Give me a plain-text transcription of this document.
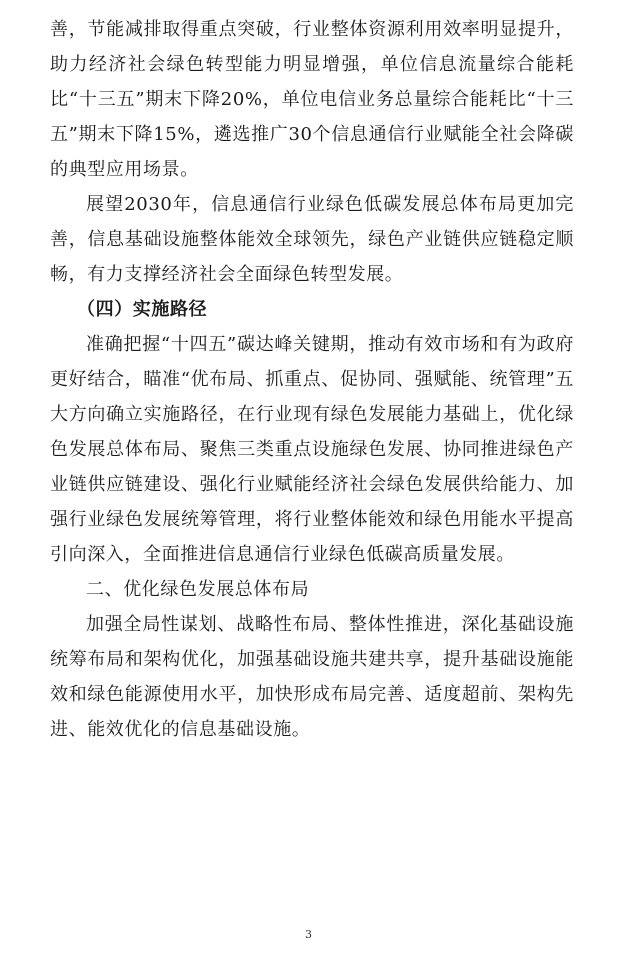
善，节能减排取得重点突破，行业整体资源利用效率明显提升，助力经济社会绿色转型能力明显增强，单位信息流量综合能耗比“十三五”期末下降20%，单位电信业务总量综合能耗比“十三五”期末下降15%，遴选推广30个信息通信行业赋能全社会降碳的典型应用场景。

展望2030年，信息通信行业绿色低碳发展总体布局更加完善，信息基础设施整体能效全球领先，绿色产业链供应链稳定顺畅，有力支撑经济社会全面绿色转型发展。

（四）实施路径

准确把握“十四五”碳达峰关键期，推动有效市场和有为政府更好结合，瞄准“优布局、抓重点、促协同、强赋能、统管理”五大方向确立实施路径，在行业现有绿色发展能力基础上，优化绿色发展总体布局、聚焦三类重点设施绿色发展、协同推进绿色产业链供应链建设、强化行业赋能经济社会绿色发展供给能力、加强行业绿色发展统筹管理，将行业整体能效和绿色用能水平提高引向深入，全面推进信息通信行业绿色低碳高质量发展。

二、优化绿色发展总体布局

加强全局性谋划、战略性布局、整体性推进，深化基础设施统筹布局和架构优化，加强基础设施共建共享，提升基础设施能效和绿色能源使用水平，加快形成布局完善、适度超前、架构先进、能效优化的信息基础设施。

3
